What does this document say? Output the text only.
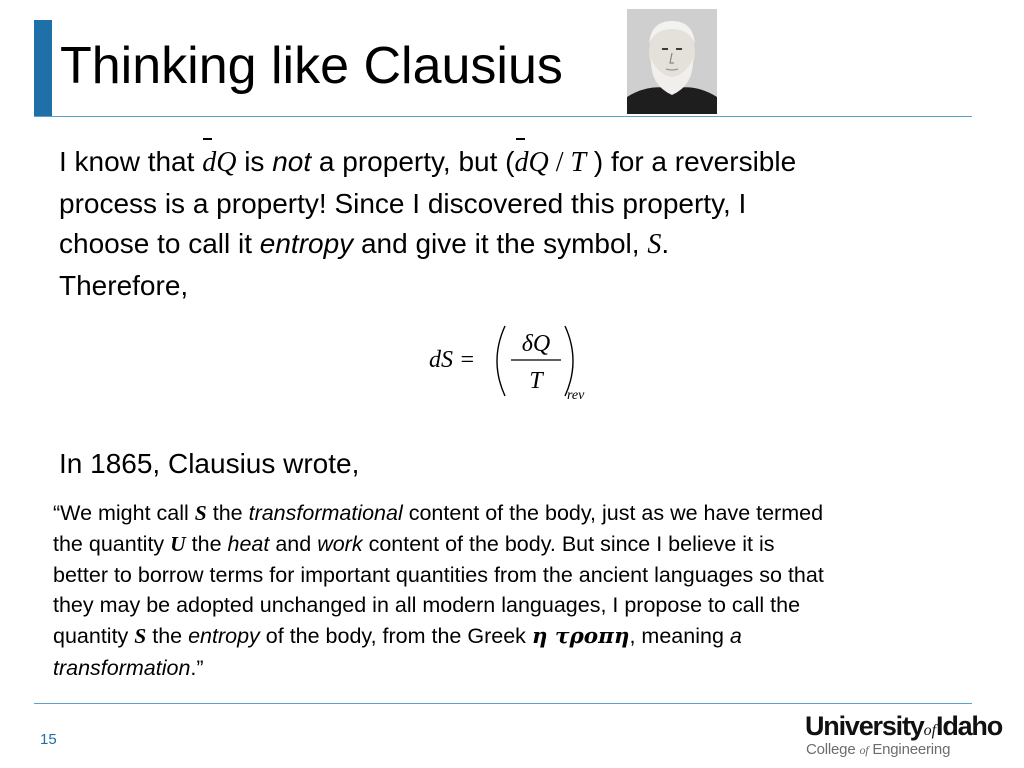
Thinking like Clausius
I know that dQ is not a property, but (dQ / T ) for a reversible
process is a property! Since I discovered this property, I
choose to call it entropy and give it the symbol, S.
Therefore,
dS =
δQ
T
rev

In 1865, Clausius wrote,

“We might call S the transformational content of the body, just as we have termed
the quantity U the heat and work content of the body. But since I believe it is
better to borrow terms for important quantities from the ancient languages so that
they may be adopted unchanged in all modern languages, I propose to call the
quantity S the entropy of the body, from the Greek η τροπη, meaning a
transformation.”
15	UniversityofIdaho
College of Engineering
